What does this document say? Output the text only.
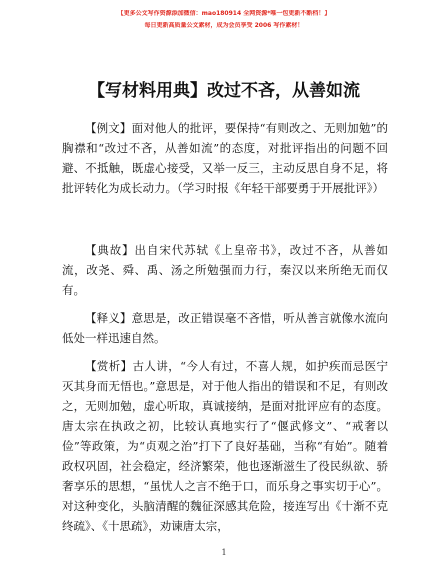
【更多公文写作资源添加微信：mao180914 全网资源*唯一包更新不断档！】
每日更新高质量公文素材，成为会员享受 2006 写作素材！
【写材料用典】改过不吝，从善如流

【例文】面对他人的批评，要保持“有则改之、无则加勉”的胸襟和“改过不吝，从善如流”的态度，对批评指出的问题不回避、不抵触，既虚心接受，又举一反三，主动反思自身不足，将批评转化为成长动力。（学习时报《年轻干部要勇于开展批评》）

【典故】出自宋代苏轼《上皇帝书》，改过不吝，从善如流，改尧、舜、禹、汤之所勉强而力行，秦汉以来所绝无而仅有。

【释义】意思是，改正错误毫不吝惜，听从善言就像水流向低处一样迅速自然。

【赏析】古人讲，“今人有过，不喜人规，如护疾而忌医宁灭其身而无悟也。”意思是，对于他人指出的错误和不足，有则改之，无则加勉，虚心听取，真诚接纳，是面对批评应有的态度。唐太宗在执政之初，比较认真地实行了“偃武修文”、“戒奢以俭”等政策，为“贞观之治”打下了良好基础，当称“有始”。随着政权巩固，社会稳定，经济繁荣，他也逐渐滋生了役民纵欲、骄奢享乐的思想，“虽忧人之言不绝于口，而乐身之事实切于心”。对这种变化，头脑清醒的魏征深感其危险，接连写出《十渐不克终疏》、《十思疏》，劝谏唐太宗，

1
